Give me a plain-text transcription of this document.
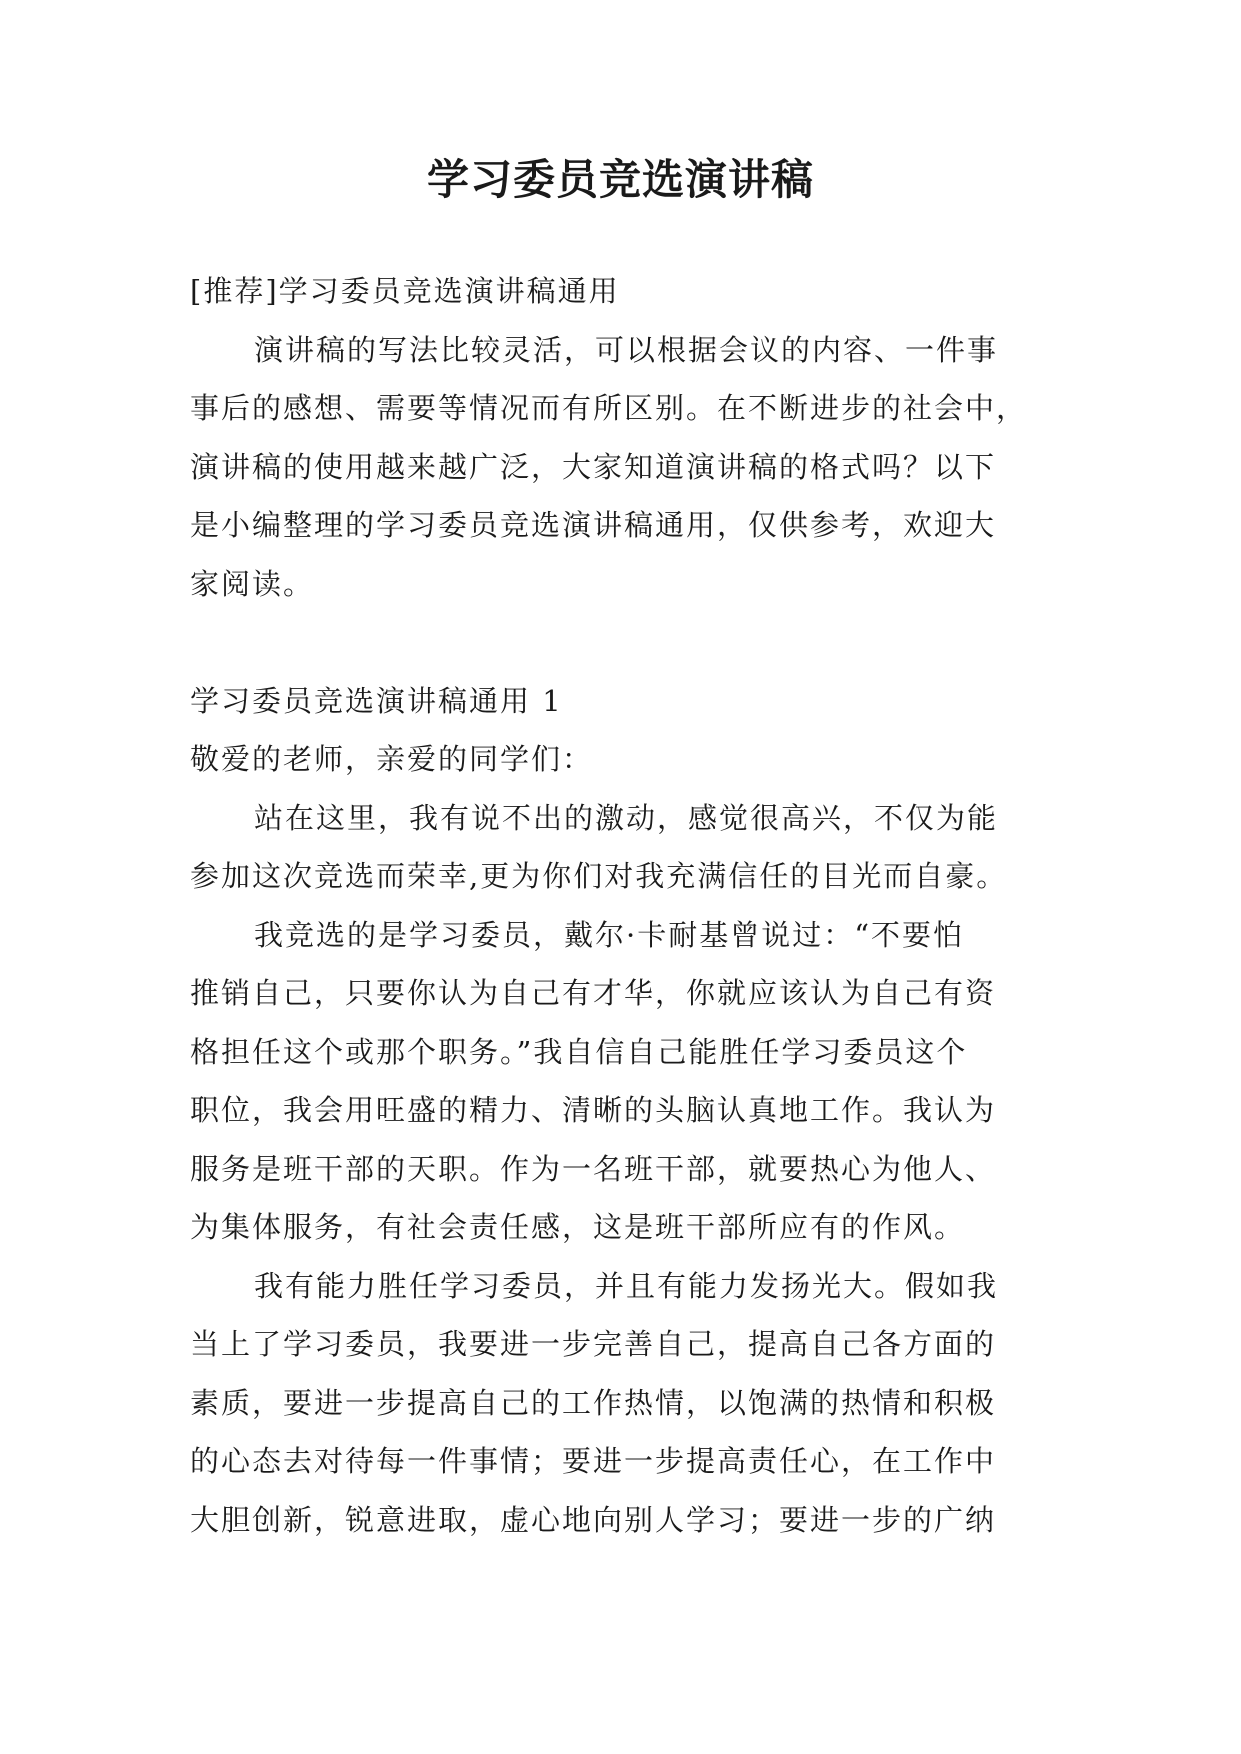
学习委员竞选演讲稿
[推荐]学习委员竞选演讲稿通用
演讲稿的写法比较灵活，可以根据会议的内容、一件事
事后的感想、需要等情况而有所区别。在不断进步的社会中，
演讲稿的使用越来越广泛，大家知道演讲稿的格式吗？以下
是小编整理的学习委员竞选演讲稿通用，仅供参考，欢迎大
家阅读。
学习委员竞选演讲稿通用 1
敬爱的老师，亲爱的同学们：
站在这里，我有说不出的激动，感觉很高兴，不仅为能
参加这次竞选而荣幸,更为你们对我充满信任的目光而自豪。
我竞选的是学习委员，戴尔·卡耐基曾说过：“不要怕
推销自己，只要你认为自己有才华，你就应该认为自己有资
格担任这个或那个职务。”我自信自己能胜任学习委员这个
职位，我会用旺盛的精力、清晰的头脑认真地工作。我认为
服务是班干部的天职。作为一名班干部，就要热心为他人、
为集体服务，有社会责任感，这是班干部所应有的作风。
我有能力胜任学习委员，并且有能力发扬光大。假如我
当上了学习委员，我要进一步完善自己，提高自己各方面的
素质，要进一步提高自己的工作热情，以饱满的热情和积极
的心态去对待每一件事情；要进一步提高责任心，在工作中
大胆创新，锐意进取，虚心地向别人学习；要进一步的广纳
